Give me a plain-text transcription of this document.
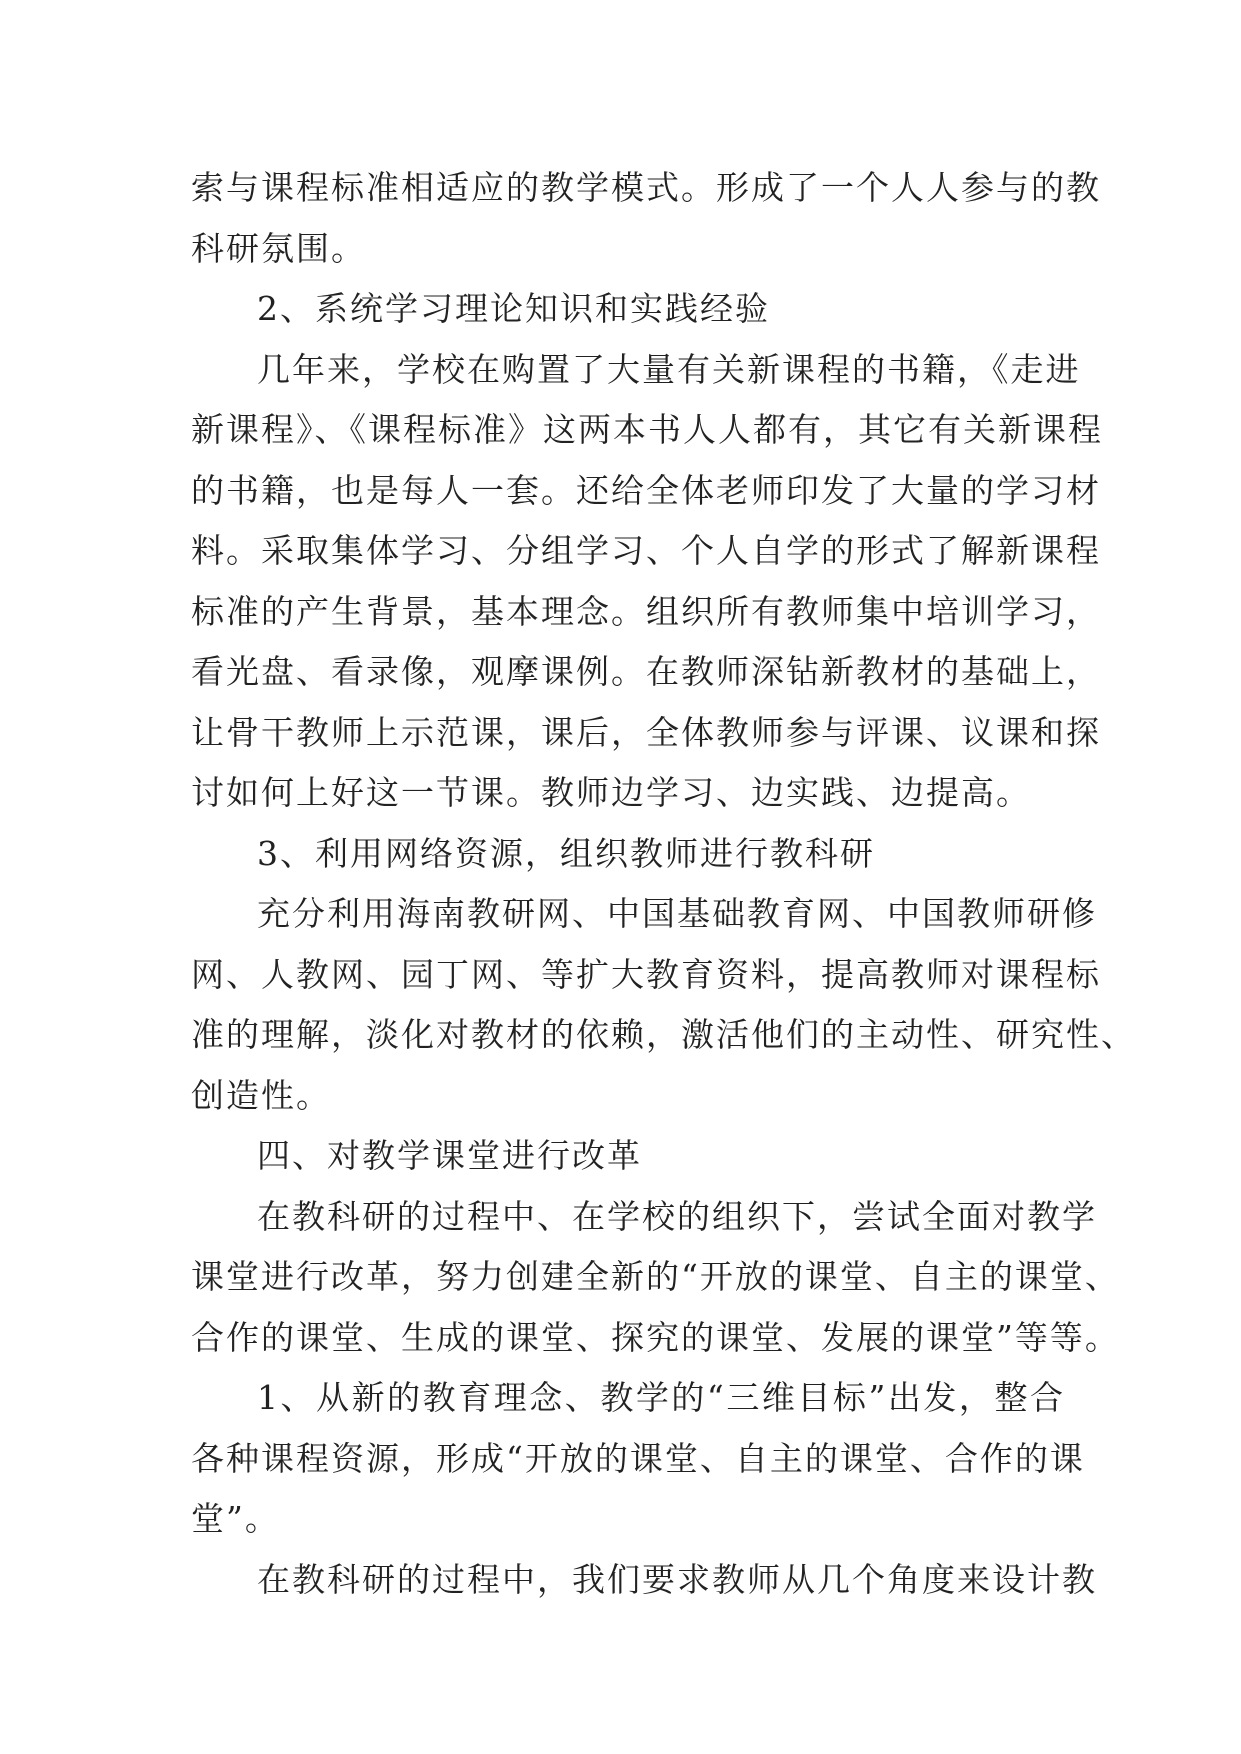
索与课程标准相适应的教学模式。形成了一个人人参与的教
科研氛围。
2、系统学习理论知识和实践经验
几年来，学校在购置了大量有关新课程的书籍，《走进
新课程》、《课程标准》这两本书人人都有，其它有关新课程
的书籍，也是每人一套。还给全体老师印发了大量的学习材
料。采取集体学习、分组学习、个人自学的形式了解新课程
标准的产生背景，基本理念。组织所有教师集中培训学习，
看光盘、看录像，观摩课例。在教师深钻新教材的基础上，
让骨干教师上示范课，课后，全体教师参与评课、议课和探
讨如何上好这一节课。教师边学习、边实践、边提高。
3、利用网络资源，组织教师进行教科研
充分利用海南教研网、中国基础教育网、中国教师研修
网、人教网、园丁网、等扩大教育资料，提高教师对课程标
准的理解，淡化对教材的依赖，激活他们的主动性、研究性、
创造性。
四、对教学课堂进行改革
在教科研的过程中、在学校的组织下，尝试全面对教学
课堂进行改革，努力创建全新的“开放的课堂、自主的课堂、
合作的课堂、生成的课堂、探究的课堂、发展的课堂”等等。
1、从新的教育理念、教学的“三维目标”出发，整合
各种课程资源，形成“开放的课堂、自主的课堂、合作的课
堂”。
在教科研的过程中，我们要求教师从几个角度来设计教
